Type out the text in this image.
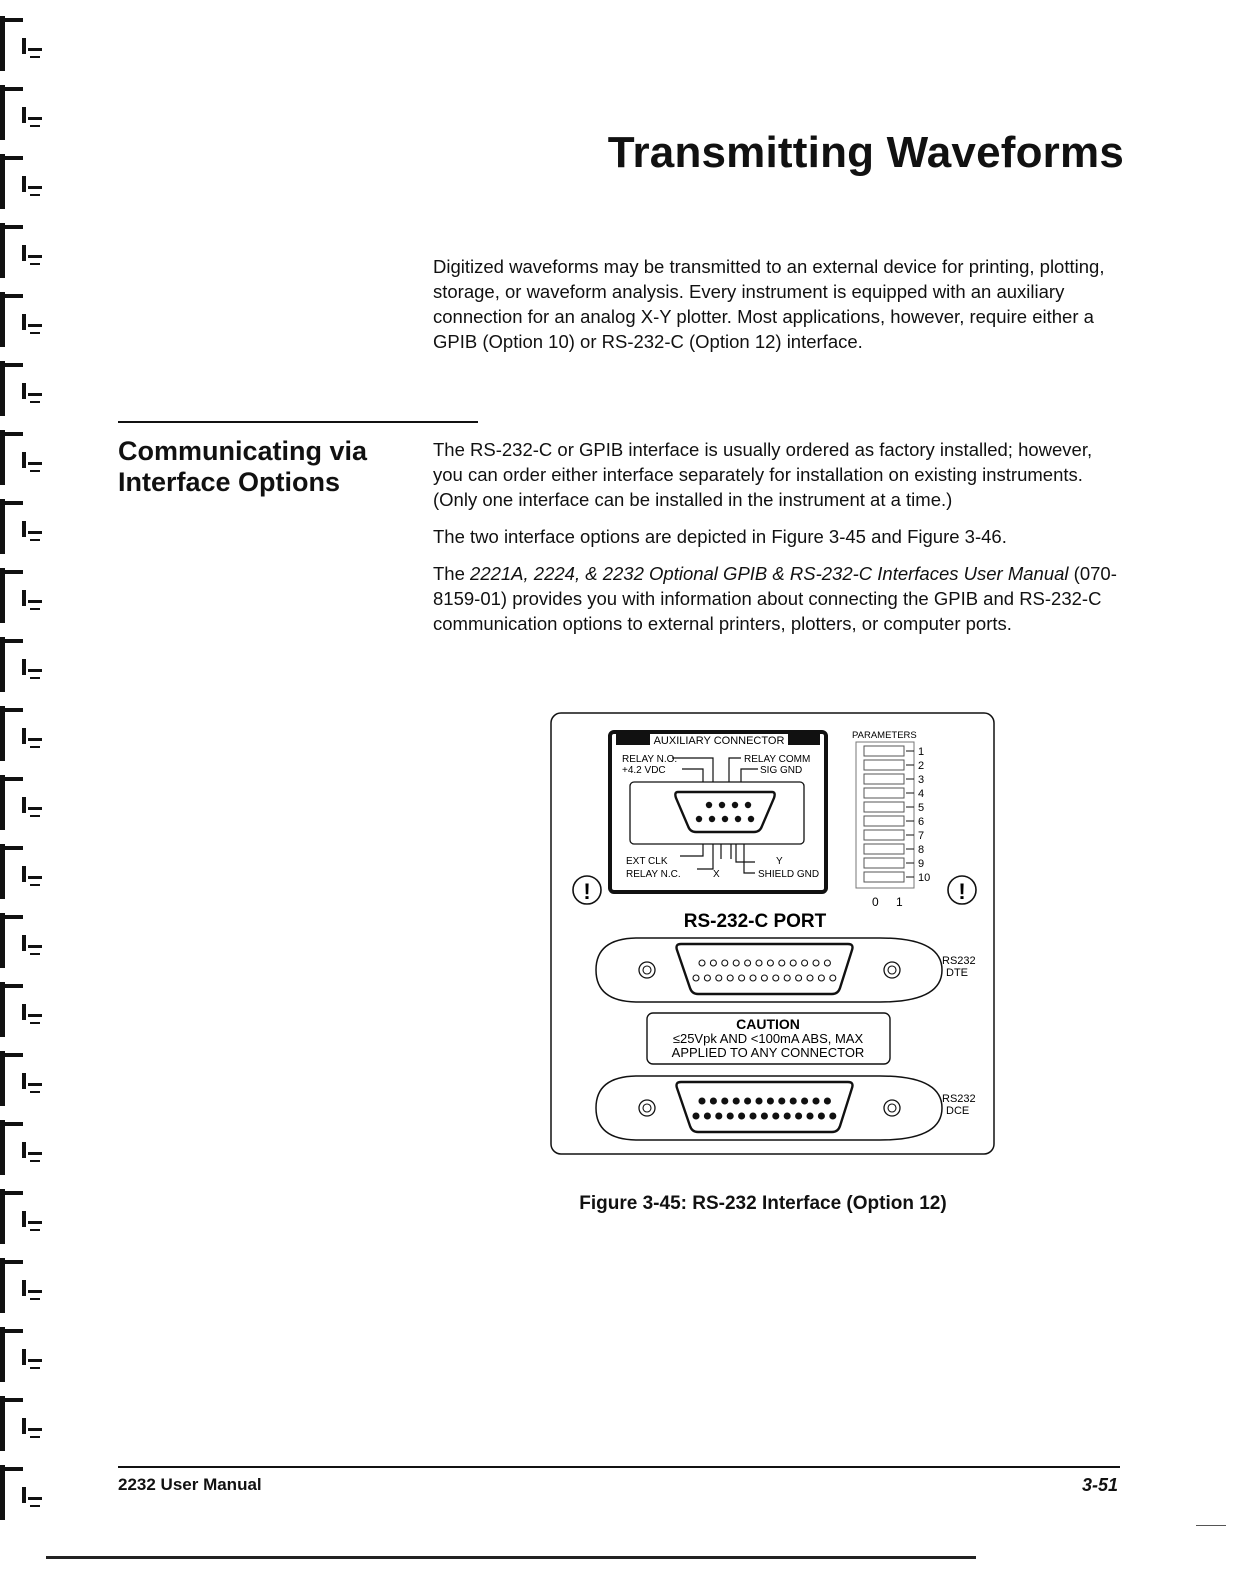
Transmitting Waveforms

Digitized waveforms may be transmitted to an external device for printing, plotting, storage, or waveform analysis. Every instrument is equipped with an auxiliary connection for an analog X-Y plotter. Most applications, however, require either a GPIB (Option 10) or RS-232-C (Option 12) interface.

Communicating via
Interface Options

The RS-232-C or GPIB interface is usually ordered as factory installed; however, you can order either interface separately for installation on existing instruments. (Only one interface can be installed in the instrument at a time.)

The two interface options are depicted in Figure 3-45 and Figure 3-46.

The 2221A, 2224, & 2232 Optional GPIB & RS-232-C Interfaces User Manual (070-8159-01) provides you with information about connecting the GPIB and RS-232-C communication options to external printers, plotters, or computer ports.

AUXILIARY CONNECTOR
RELAY N.O.
+4.2 VDC
RELAY COMM
SIG GND
EXT CLK
RELAY N.C.	X
Y
SHIELD GND
PARAMETERS
1
2
3
4
5
6
7
8
9
10
0 1
!	!
RS-232-C PORT
RS232
DTE
CAUTION
≤25Vpk AND <100mA ABS, MAX
APPLIED TO ANY CONNECTOR
RS232
DCE

Figure 3-45: RS-232 Interface (Option 12)

2232 User Manual	3-51
